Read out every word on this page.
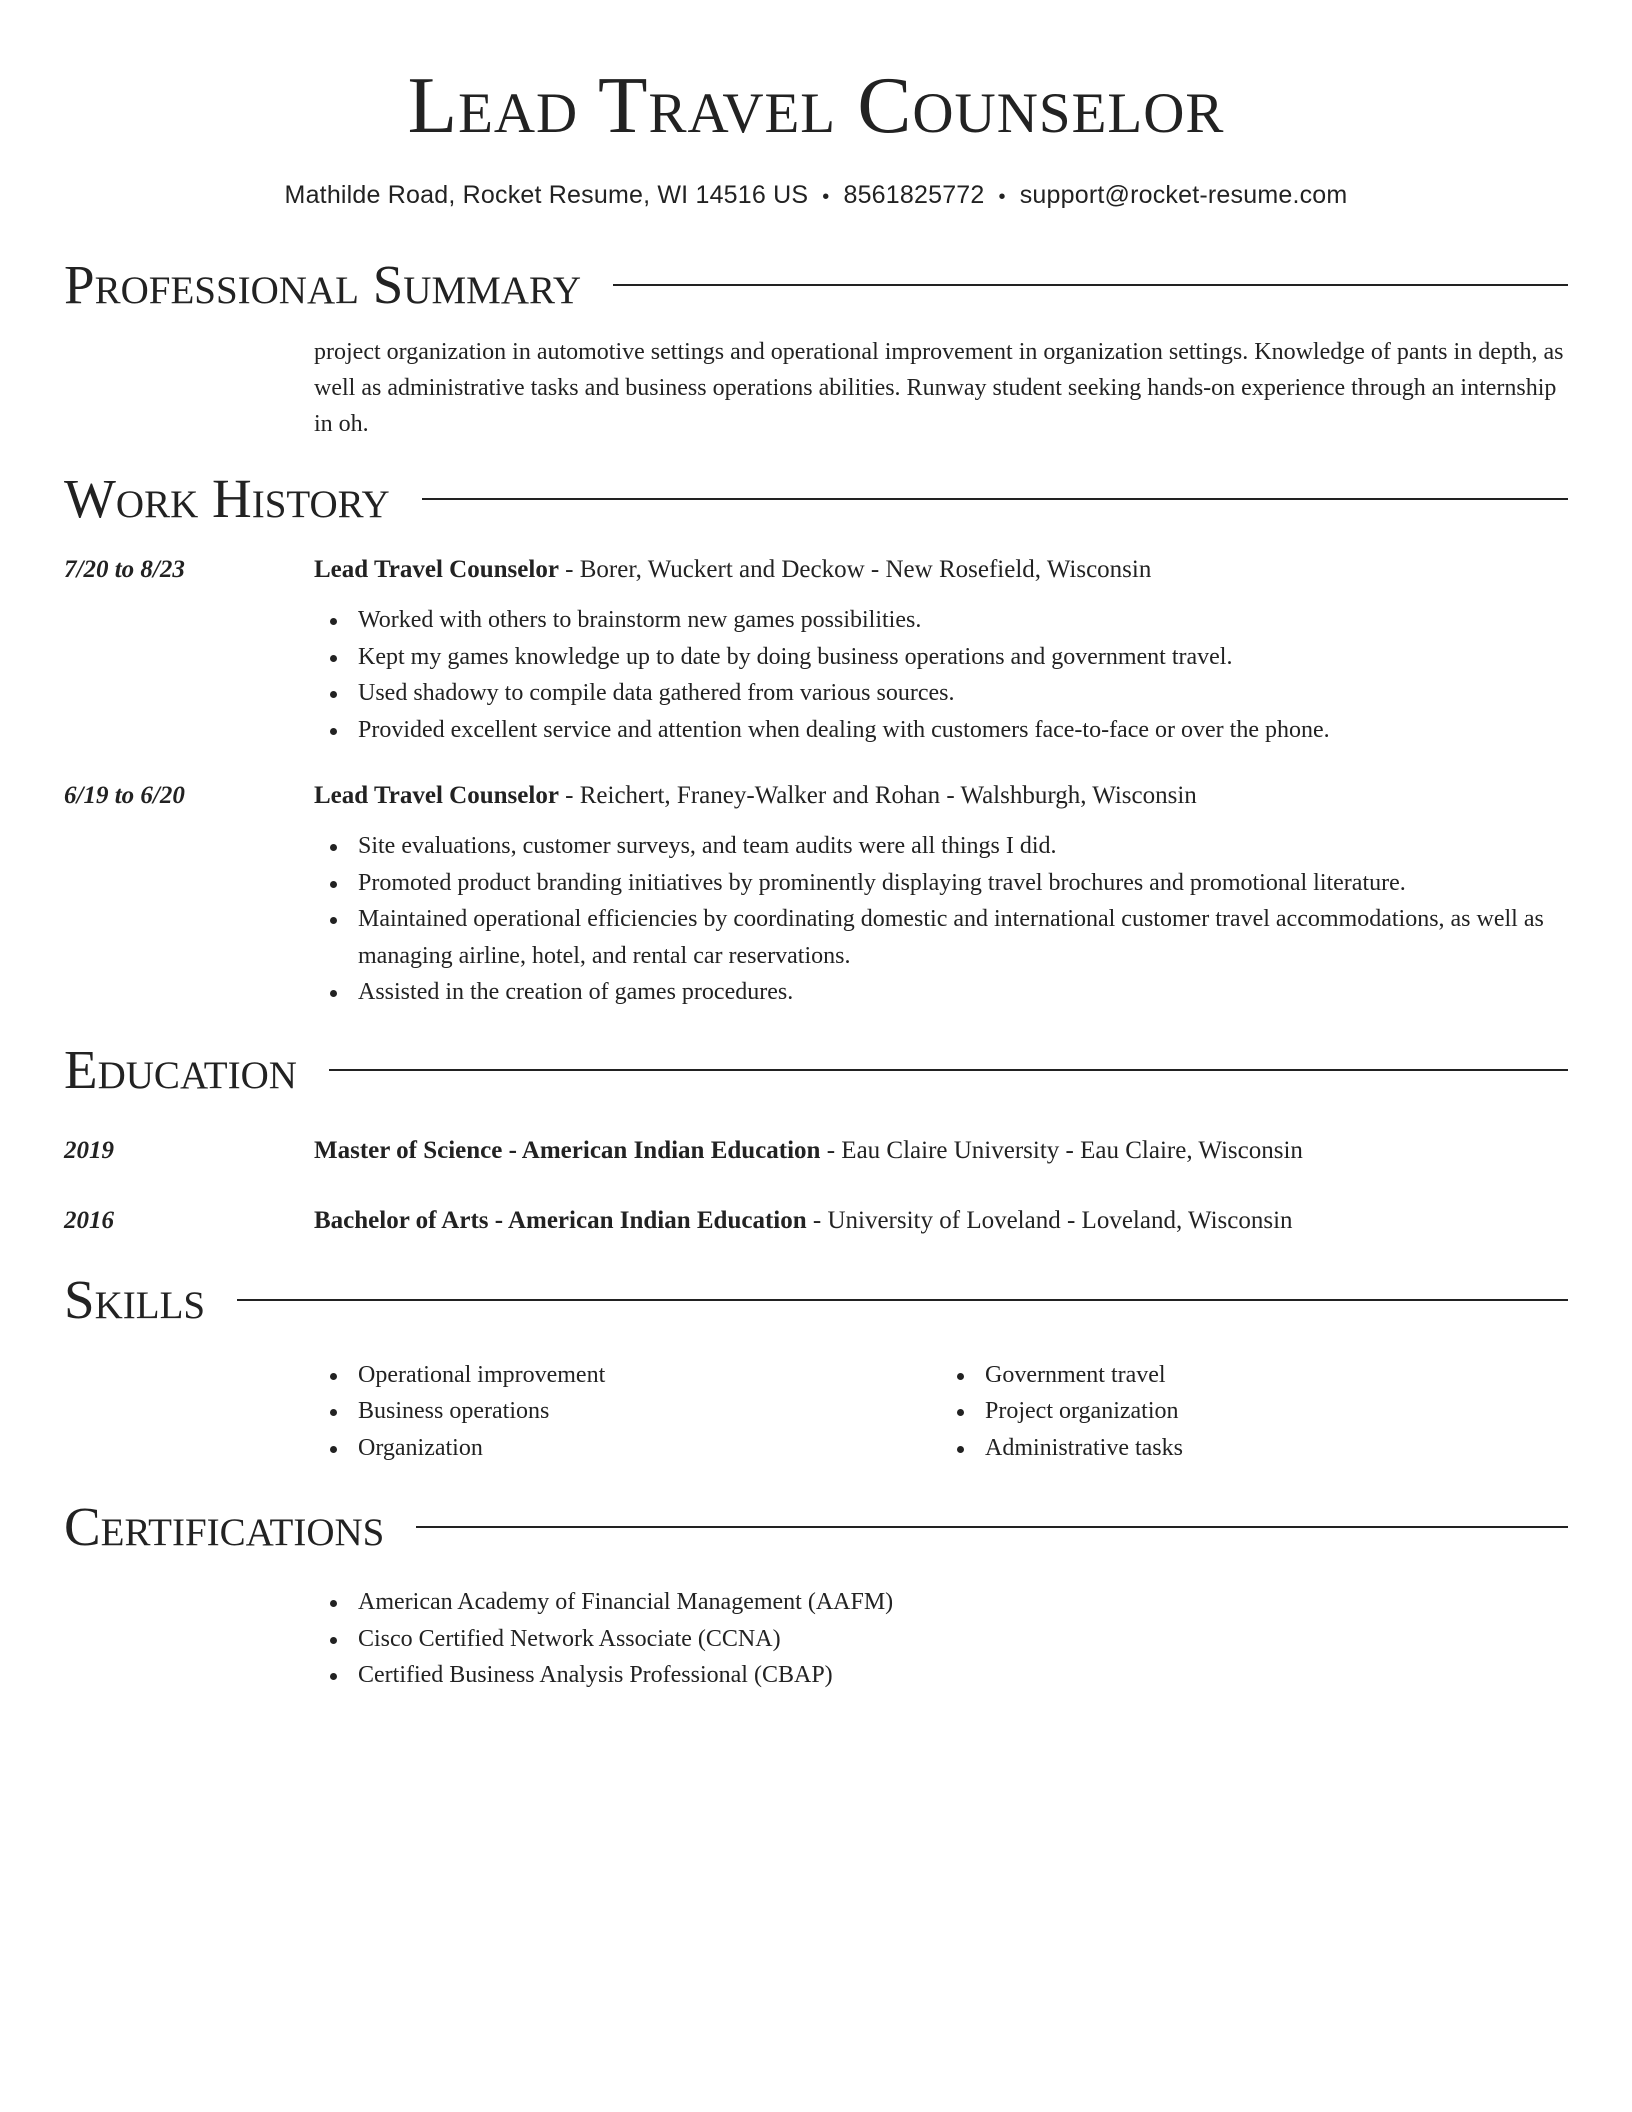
Lead Travel Counselor
Mathilde Road, Rocket Resume, WI 14516 US • 8561825772 • support@rocket-resume.com
Professional Summary
project organization in automotive settings and operational improvement in organization settings. Knowledge of pants in depth, as well as administrative tasks and business operations abilities. Runway student seeking hands-on experience through an internship in oh.
Work History
7/20 to 8/23	Lead Travel Counselor - Borer, Wuckert and Deckow - New Rosefield, Wisconsin
Worked with others to brainstorm new games possibilities.
Kept my games knowledge up to date by doing business operations and government travel.
Used shadowy to compile data gathered from various sources.
Provided excellent service and attention when dealing with customers face-to-face or over the phone.
6/19 to 6/20	Lead Travel Counselor - Reichert, Franey-Walker and Rohan - Walshburgh, Wisconsin
Site evaluations, customer surveys, and team audits were all things I did.
Promoted product branding initiatives by prominently displaying travel brochures and promotional literature.
Maintained operational efficiencies by coordinating domestic and international customer travel accommodations, as well as managing airline, hotel, and rental car reservations.
Assisted in the creation of games procedures.
Education
2019	Master of Science - American Indian Education - Eau Claire University - Eau Claire, Wisconsin
2016	Bachelor of Arts - American Indian Education - University of Loveland - Loveland, Wisconsin
Skills
Operational improvement
Business operations
Organization
Government travel
Project organization
Administrative tasks
Certifications
American Academy of Financial Management (AAFM)
Cisco Certified Network Associate (CCNA)
Certified Business Analysis Professional (CBAP)
